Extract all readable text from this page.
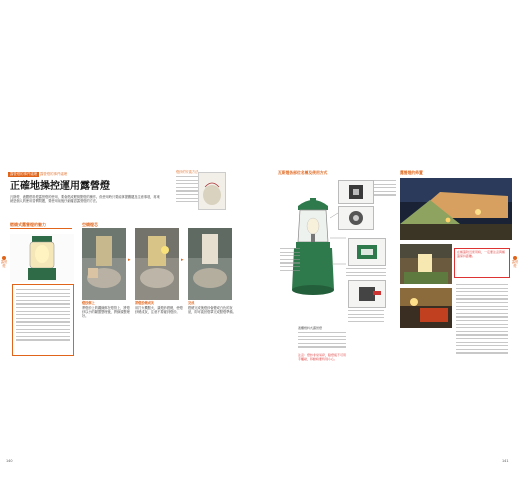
露營燈的事件處理 露營燈的事件處理
正確地操控運用露營燈
瓦斯燈、液體燃料燈露營燈的使用，要會燃成輕微點燈的操作。但使用時只要能掌握關鍵及注意事項，再來就是個人的使用習慣問題，要使用前後仔細確認露營燈的方法。
燈紗的安裝方法
燃燒式露營燈的魅力	空燒燈芯
▸	▸
燈紗綁上
將燈紗上的繩線綁在燈管上，將燈紗以小的皺摺整理後，將線頭整理好。
將燈紗燒成灰
用打火機點火，讓燈紗燃燒，使燈紗燒成灰，注意不要碰到燈紗。
完成
燃燒完成後燈紗會變成白色的灰狀，即可裝回燈罩完成點燈準備。
露營燈
140
瓦斯燈各部位名稱及使用方式	露營燈的佈置
液體燃料式露營燈
注意：燈紗非常易碎，點燈後不可用手觸碰，移動時要特別小心。
在帳篷附近使用時，一定要注意與帳篷保持距離。
露營燈
141
